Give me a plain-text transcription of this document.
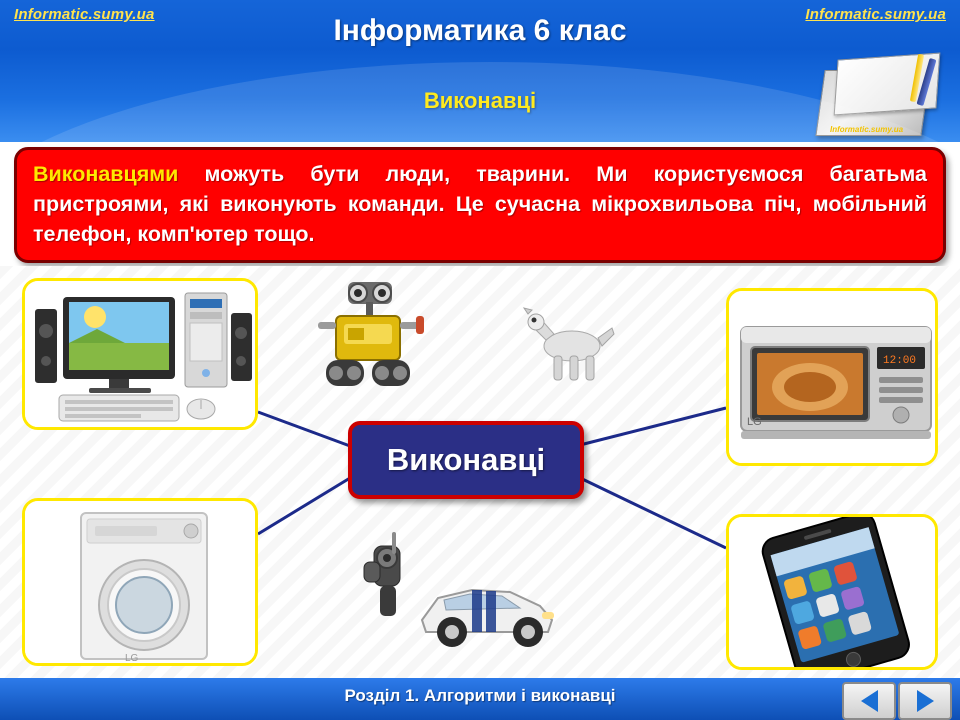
Informatic.sumy.ua	Informatic.sumy.ua
Інформатика 6 клас
Виконавці
Informatic.sumy.ua

Виконавцями можуть бути люди, тварини. Ми користуємося багатьма пристроями, які виконують команди. Це сучасна мікрохвильова піч, мобільний телефон, комп'ютер тощо.

LG
12:00
LG
Виконавці
Розділ 1. Алгоритми і виконавці
